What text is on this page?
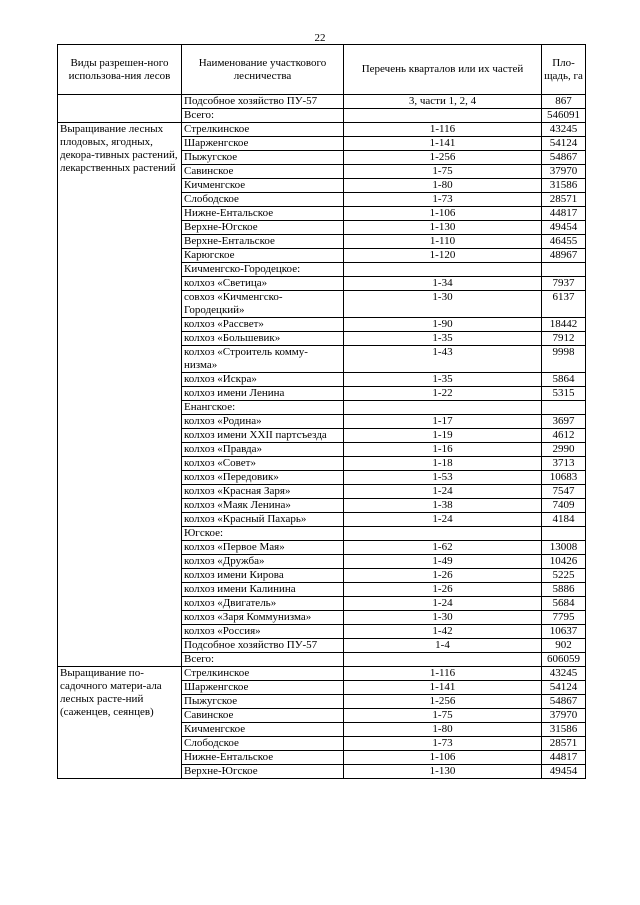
22
Виды разрешен-ного использова-ния лесов	Наименование участкового лесничества	Перечень кварталов или их частей	Пло-щадь, га
	Подсобное хозяйство ПУ-57	3, части 1, 2, 4	867
	Всего:		546091
Выращивание лесных плодовых, ягодных, декора-тивных растений, лекарственных растений	Стрелкинское	1-116	43245
	Шарженгское	1-141	54124
	Пыжугское	1-256	54867
	Савинское	1-75	37970
	Кичменгское	1-80	31586
	Слободское	1-73	28571
	Нижне-Ентальское	1-106	44817
	Верхне-Югское	1-130	49454
	Верхне-Ентальское	1-110	46455
	Карюгское	1-120	48967
	Кичменгско-Городецкое:		
	колхоз «Светица»	1-34	7937
	совхоз «Кичменгско-Городецкий»	1-30	6137
	колхоз «Рассвет»	1-90	18442
	колхоз «Большевик»	1-35	7912
	колхоз «Строитель комму-низма»	1-43	9998
	колхоз «Искра»	1-35	5864
	колхоз имени Ленина	1-22	5315
	Енангское:		
	колхоз «Родина»	1-17	3697
	колхоз имени XXII партсъезда	1-19	4612
	колхоз «Правда»	1-16	2990
	колхоз «Совет»	1-18	3713
	колхоз «Передовик»	1-53	10683
	колхоз «Красная Заря»	1-24	7547
	колхоз «Маяк Ленина»	1-38	7409
	колхоз «Красный Пахарь»	1-24	4184
	Югское:		
	колхоз «Первое Мая»	1-62	13008
	колхоз «Дружба»	1-49	10426
	колхоз имени Кирова	1-26	5225
	колхоз имени Калинина	1-26	5886
	колхоз «Двигатель»	1-24	5684
	колхоз «Заря Коммунизма»	1-30	7795
	колхоз «Россия»	1-42	10637
	Подсобное хозяйство ПУ-57	1-4	902
	Всего:		606059
Выращивание по-садочного матери-ала лесных расте-ний (саженцев, сеянцев)	Стрелкинское	1-116	43245
	Шарженгское	1-141	54124
	Пыжугское	1-256	54867
	Савинское	1-75	37970
	Кичменгское	1-80	31586
	Слободское	1-73	28571
	Нижне-Ентальское	1-106	44817
	Верхне-Югское	1-130	49454
